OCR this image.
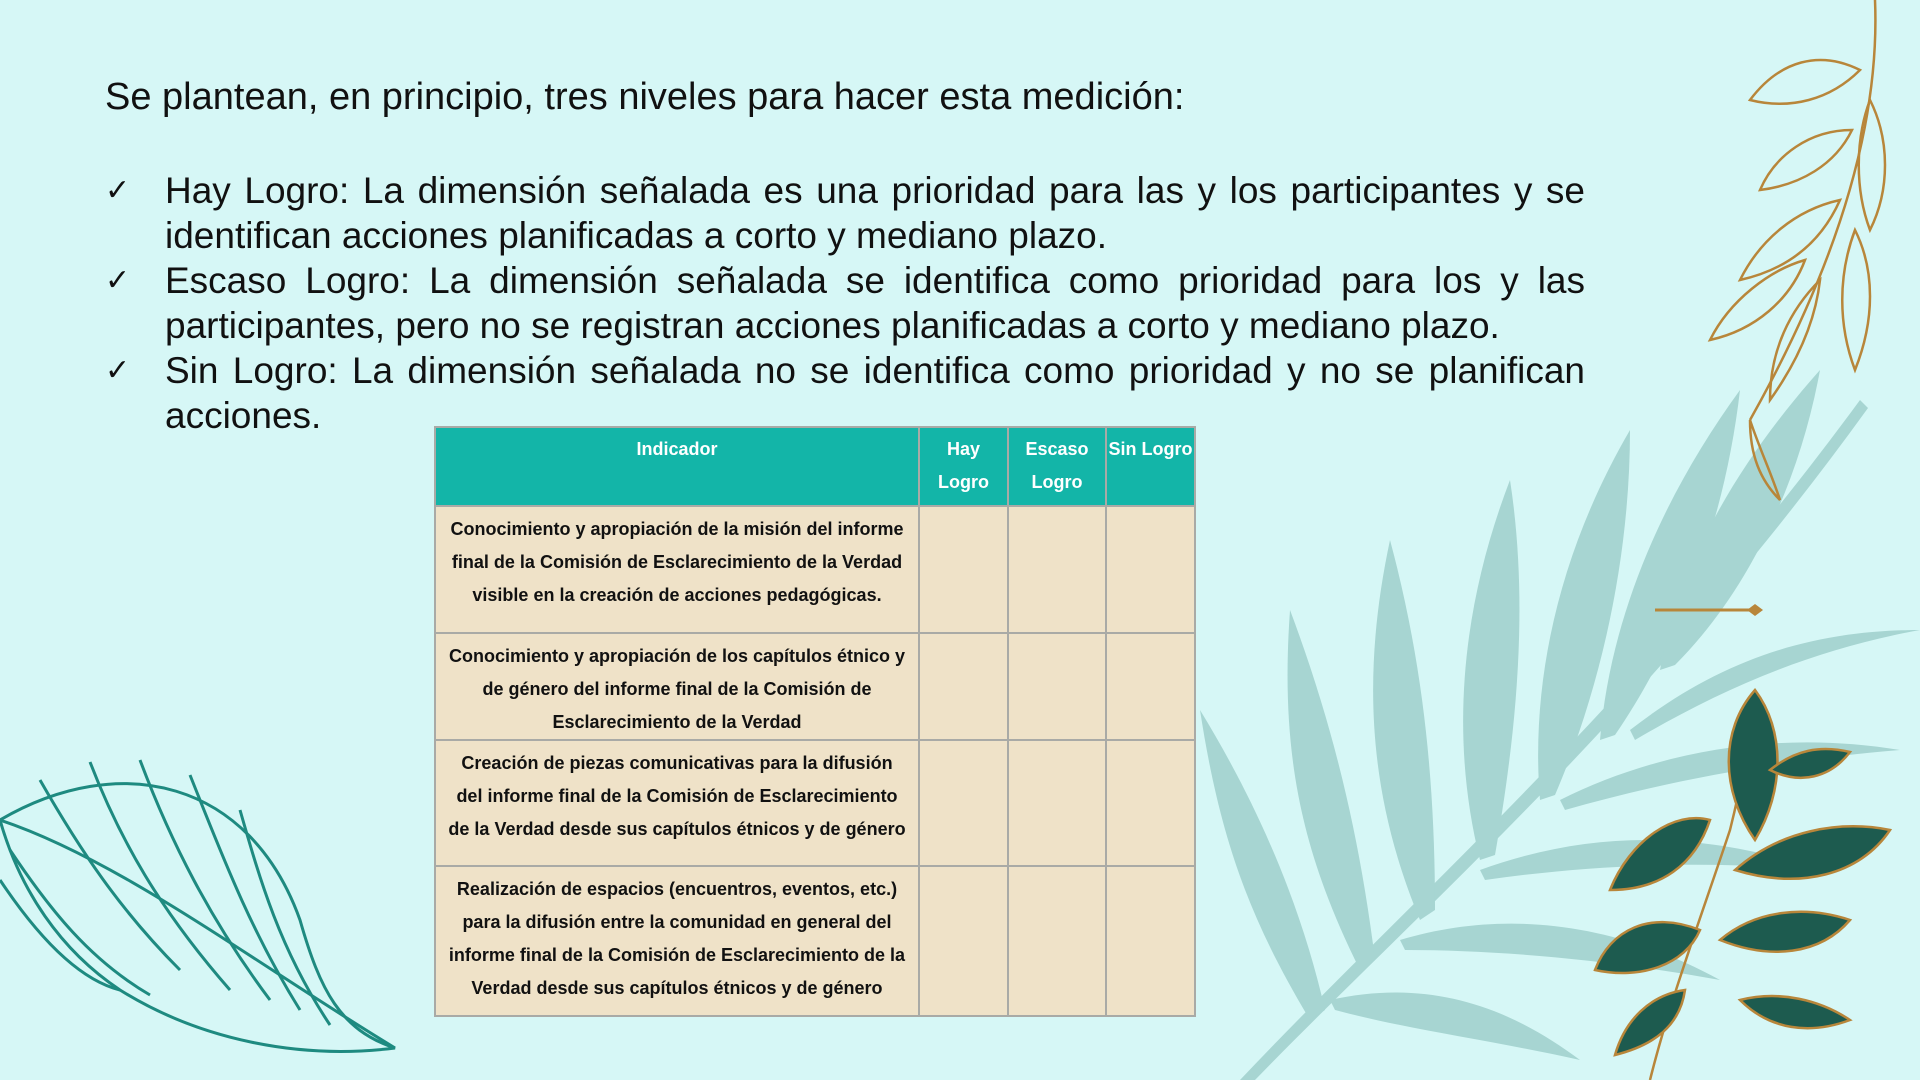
Se plantean, en principio, tres niveles para hacer esta medición:
✓ Hay Logro: La dimensión señalada es una prioridad para las y los participantes y se identifican acciones planificadas a corto y mediano plazo.
✓ Escaso Logro: La dimensión señalada se identifica como prioridad para los y las participantes, pero no se registran acciones planificadas a corto y mediano plazo.
✓ Sin Logro: La dimensión señalada no se identifica como prioridad y no se planifican acciones.
Indicador	Hay Logro	Escaso Logro	Sin Logro
Conocimiento y apropiación de la misión del informe final de la Comisión de Esclarecimiento de la Verdad visible en la creación de acciones pedagógicas.			
Conocimiento y apropiación de los capítulos étnico y de género del informe final de la Comisión de Esclarecimiento de la Verdad			
Creación de piezas comunicativas para la difusión del informe final de la Comisión de Esclarecimiento de la Verdad desde sus capítulos étnicos y de género			
Realización de espacios (encuentros, eventos, etc.) para la difusión entre la comunidad en general del informe final de la Comisión de Esclarecimiento de la Verdad desde sus capítulos étnicos y de género			
